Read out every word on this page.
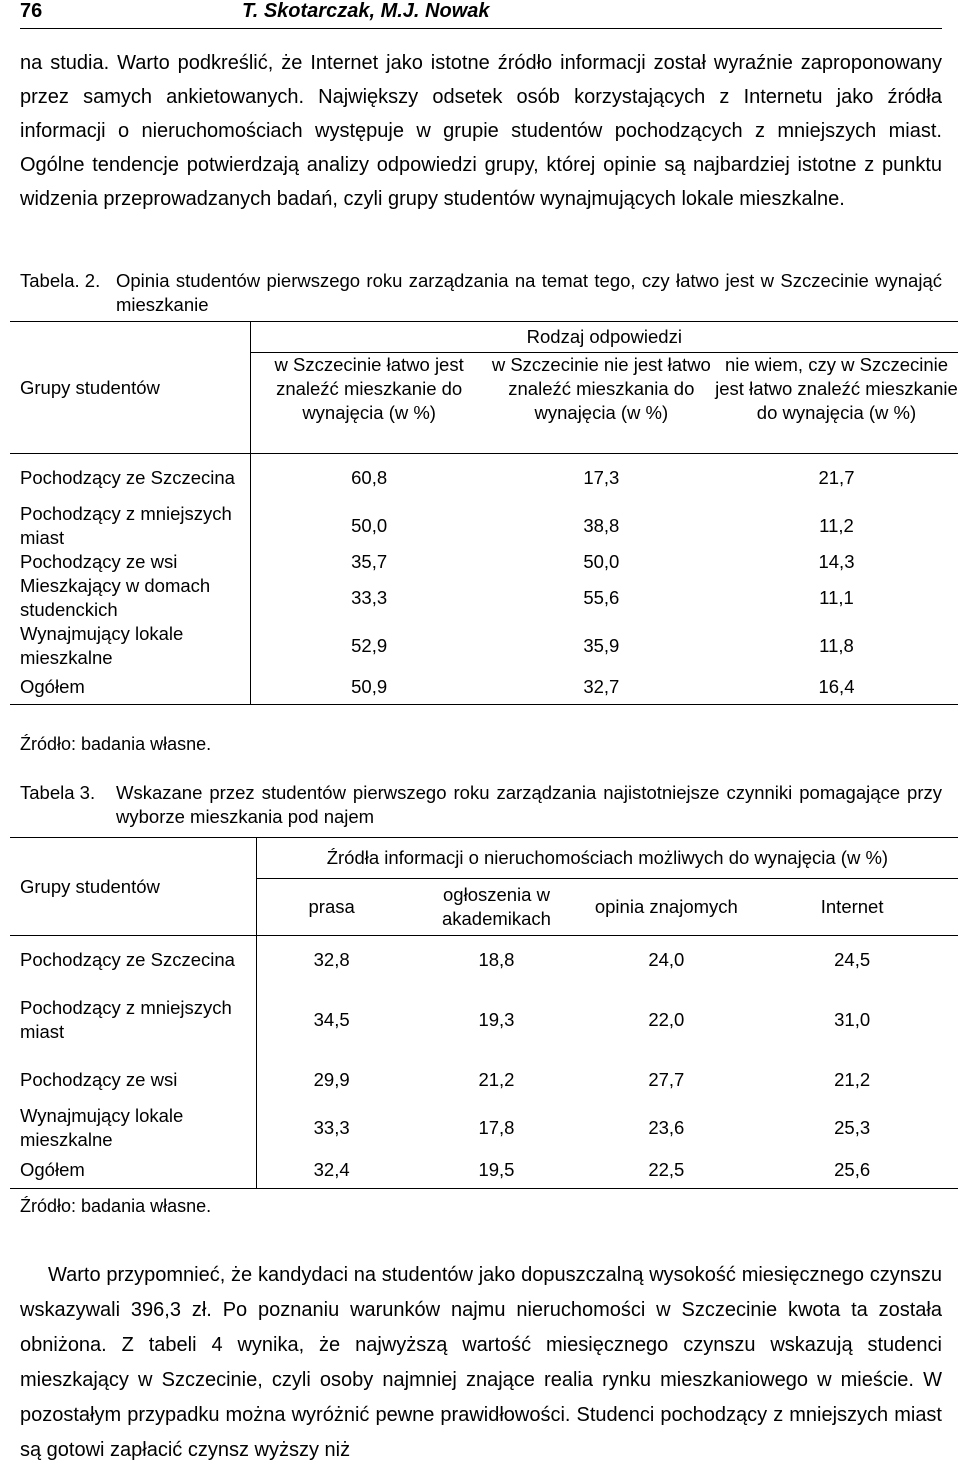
76	T. Skotarczak, M.J. Nowak

na studia. Warto podkreślić, że Internet jako istotne źródło informacji został wyraźnie zaproponowany przez samych ankietowanych. Największy odsetek osób korzystających z Internetu jako źródła informacji o nieruchomościach występuje w grupie studentów pochodzących z mniejszych miast. Ogólne tendencje potwierdzają analizy odpowiedzi grupy, której opinie są najbardziej istotne z punktu widzenia przeprowadzanych badań, czyli grupy studentów wynajmujących lokale mieszkalne.

Tabela. 2. Opinia studentów pierwszego roku zarządzania na temat tego, czy łatwo jest w Szczecinie wynająć mieszkanie
Grupy studentów	Rodzaj odpowiedzi		
	w Szczecinie łatwo jest znaleźć mieszkanie do wynajęcia (w %)	w Szczecinie nie jest łatwo znaleźć mieszkania do wynajęcia (w %)	nie wiem, czy w Szczecinie jest łatwo znaleźć mieszkanie do wynajęcia (w %)
Pochodzący ze Szczecina	60,8	17,3	21,7
Pochodzący z mniejszych miast	50,0	38,8	11,2
Pochodzący ze wsi	35,7	50,0	14,3
Mieszkający w domach studenckich	33,3	55,6	11,1
Wynajmujący lokale mieszkalne	52,9	35,9	11,8
Ogółem	50,9	32,7	16,4
Źródło: badania własne.
Tabela 3. Wskazane przez studentów pierwszego roku zarządzania najistotniejsze czynniki pomagające przy wyborze mieszkania pod najem
Grupy studentów	Źródła informacji o nieruchomościach możliwych do wynajęcia (w %)			
	prasa	ogłoszenia w akademikach	opinia znajomych	Internet
Pochodzący ze Szczecina	32,8	18,8	24,0	24,5
Pochodzący z mniejszych miast	34,5	19,3	22,0	31,0
Pochodzący ze wsi	29,9	21,2	27,7	21,2
Wynajmujący lokale mieszkalne	33,3	17,8	23,6	25,3
Ogółem	32,4	19,5	22,5	25,6
Źródło: badania własne.

Warto przypomnieć, że kandydaci na studentów jako dopuszczalną wysokość miesięcznego czynszu wskazywali 396,3 zł. Po poznaniu warunków najmu nieruchomości w Szczecinie kwota ta została obniżona. Z tabeli 4 wynika, że najwyższą wartość miesięcznego czynszu wskazują studenci mieszkający w Szczecinie, czyli osoby najmniej znające realia rynku mieszkaniowego w mieście. W pozostałym przypadku można wyróżnić pewne prawidłowości. Studenci pochodzący z mniejszych miast są gotowi zapłacić czynsz wyższy niż
